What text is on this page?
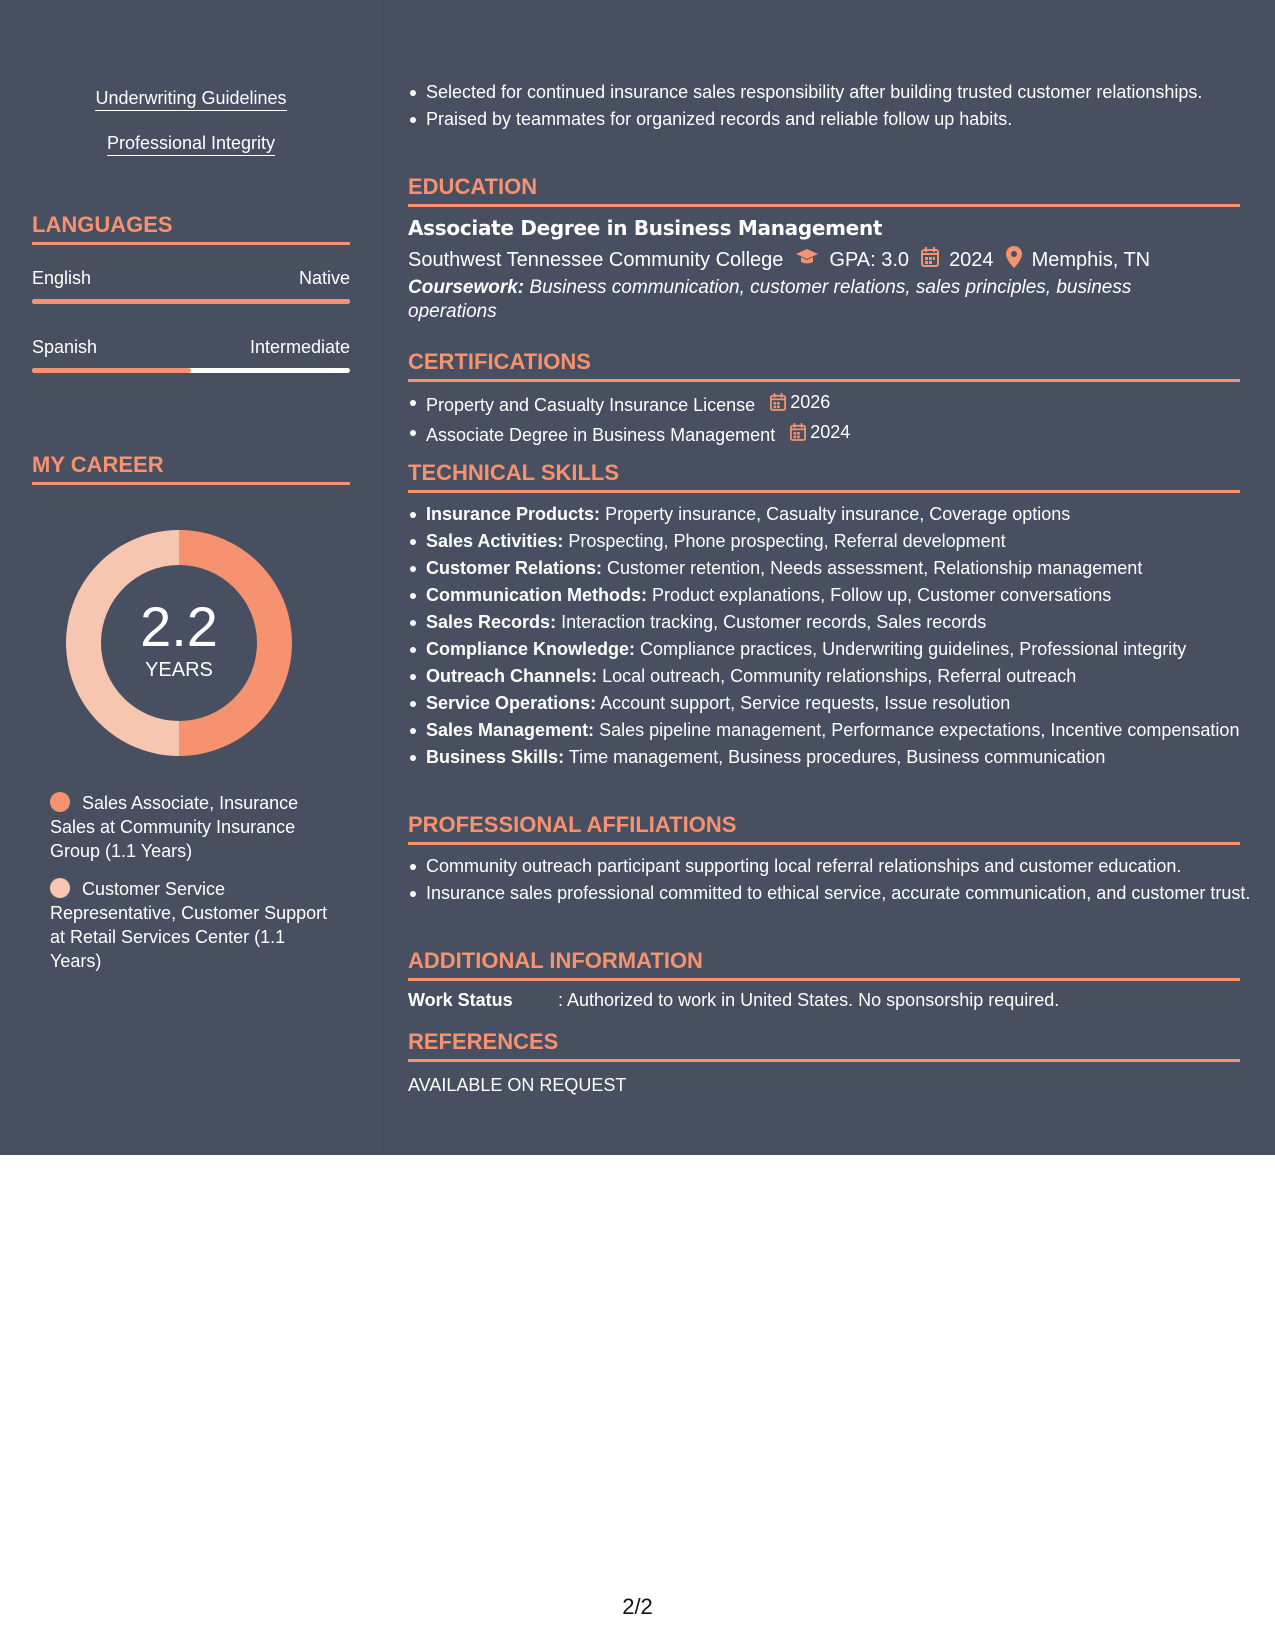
Underwriting Guidelines
Professional Integrity
LANGUAGES
English	Native
Spanish	Intermediate
MY CAREER
2.2
YEARS
Sales Associate, Insurance Sales at Community Insurance Group (1.1 Years)
Customer Service Representative, Customer Support at Retail Services Center (1.1 Years)
Selected for continued insurance sales responsibility after building trusted customer relationships.
Praised by teammates for organized records and reliable follow up habits.
EDUCATION
Associate Degree in Business Management
Southwest Tennessee Community College GPA: 3.0 2024 Memphis, TN
Coursework: Business communication, customer relations, sales principles, business operations
CERTIFICATIONS
Property and Casualty Insurance License 2026
Associate Degree in Business Management 2024
TECHNICAL SKILLS
Insurance Products: Property insurance, Casualty insurance, Coverage options
Sales Activities: Prospecting, Phone prospecting, Referral development
Customer Relations: Customer retention, Needs assessment, Relationship management
Communication Methods: Product explanations, Follow up, Customer conversations
Sales Records: Interaction tracking, Customer records, Sales records
Compliance Knowledge: Compliance practices, Underwriting guidelines, Professional integrity
Outreach Channels: Local outreach, Community relationships, Referral outreach
Service Operations: Account support, Service requests, Issue resolution
Sales Management: Sales pipeline management, Performance expectations, Incentive compensation
Business Skills: Time management, Business procedures, Business communication
PROFESSIONAL AFFILIATIONS
Community outreach participant supporting local referral relationships and customer education.
Insurance sales professional committed to ethical service, accurate communication, and customer trust.
ADDITIONAL INFORMATION
Work Status	: Authorized to work in United States. No sponsorship required.
REFERENCES
AVAILABLE ON REQUEST
2/2
